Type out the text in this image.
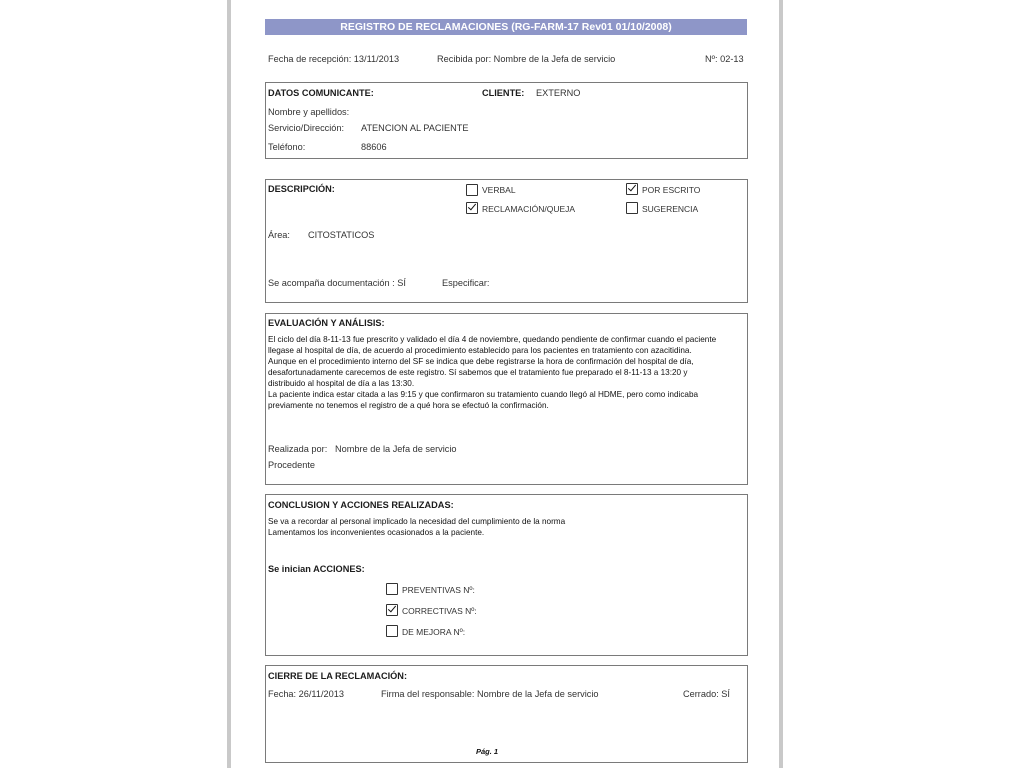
REGISTRO DE RECLAMACIONES (RG-FARM-17 Rev01 01/10/2008)
Fecha de recepción: 13/11/2013	Recibida por: Nombre de la Jefa de servicio	Nº: 02-13
DATOS COMUNICANTE:	CLIENTE: EXTERNO
Nombre y apellidos:
Servicio/Dirección: ATENCION AL PACIENTE
Teléfono:	88606
DESCRIPCIÓN:	VERBAL	POR ESCRITO
RECLAMACIÓN/QUEJA	SUGERENCIA
Área: CITOSTATICOS
Se acompaña documentación : SÍ	Especificar:
EVALUACIÓN Y ANÁLISIS:
El ciclo del día 8-11-13 fue prescrito y validado el día 4 de noviembre, quedando pendiente de confirmar cuando el paciente
llegase al hospital de día, de acuerdo al procedimiento establecido para los pacientes en tratamiento con azacitidina.
Aunque en el procedimiento interno del SF se indica que debe registrarse la hora de confirmación del hospital de día,
desafortunadamente carecemos de este registro. Sí sabemos que el tratamiento fue preparado el 8-11-13 a 13:20 y
distribuido al hospital de día a las 13:30.
La paciente indica estar citada a las 9:15 y que confirmaron su tratamiento cuando llegó al HDME, pero como indicaba
previamente no tenemos el registro de a qué hora se efectuó la confirmación.
Realizada por: Nombre de la Jefa de servicio
Procedente
CONCLUSION Y ACCIONES REALIZADAS:
Se va a recordar al personal implicado la necesidad del cumplimiento de la norma
Lamentamos los inconvenientes ocasionados a la paciente.
Se inician ACCIONES:
PREVENTIVAS Nº:
CORRECTIVAS Nº:
DE MEJORA Nº:
CIERRE DE LA RECLAMACIÓN:
Fecha: 26/11/2013	Firma del responsable: Nombre de la Jefa de servicio	Cerrado: SÍ
Pág. 1
